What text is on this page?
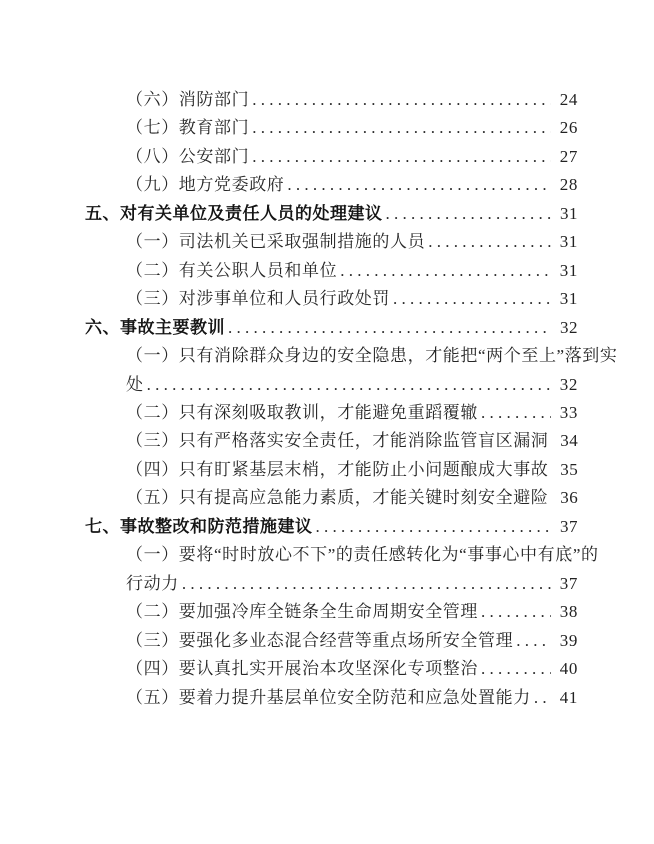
（六）消防部门 . . .	24
（七）教育部门 . . .	26
（八）公安部门 . . .	27
（九）地方党委政府 . . .	28
五、对有关单位及责任人员的处理建议 . . .	31
（一）司法机关已采取强制措施的人员 . . .	31
（二）有关公职人员和单位 . . .	31
（三）对涉事单位和人员行政处罚 . . .	31
六、事故主要教训 . . .	32
（一）只有消除群众身边的安全隐患，才能把“两个至上”落到实
处 . . .	32
（二）只有深刻吸取教训，才能避免重蹈覆辙 . . .	33
（三）只有严格落实安全责任，才能消除监管盲区漏洞 34
（四）只有盯紧基层末梢，才能防止小问题酿成大事故 35
（五）只有提高应急能力素质，才能关键时刻安全避险 36
七、事故整改和防范措施建议 . . .	37
（一）要将“时时放心不下”的责任感转化为“事事心中有底”的
行动力 . . .	37
（二）要加强冷库全链条全生命周期安全管理 . . .	38
（三）要强化多业态混合经营等重点场所安全管理 . . .	39
（四）要认真扎实开展治本攻坚深化专项整治 . . .	40
（五）要着力提升基层单位安全防范和应急处置能力 . . .	41
